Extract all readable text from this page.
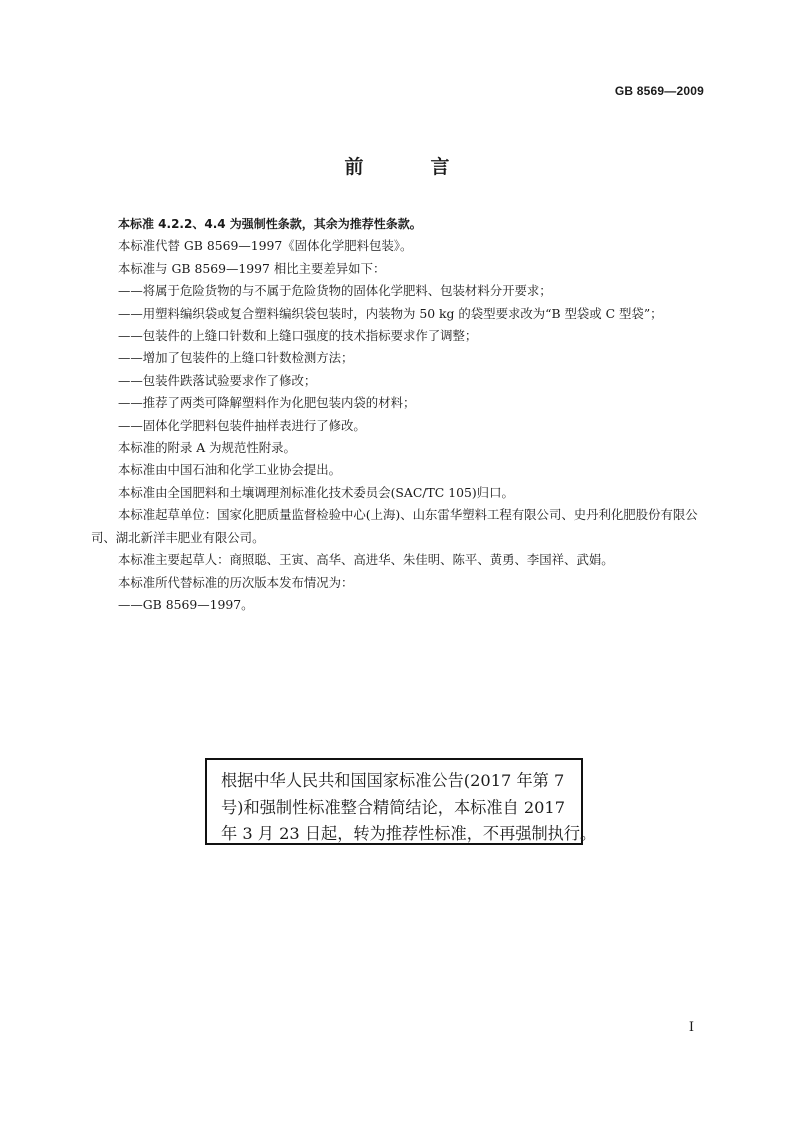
GB 8569—2009
前　言

本标准 4.2.2、4.4 为强制性条款，其余为推荐性条款。

本标准代替 GB 8569—1997《固体化学肥料包装》。

本标准与 GB 8569—1997 相比主要差异如下：

——将属于危险货物的与不属于危险货物的固体化学肥料、包装材料分开要求；

——用塑料编织袋或复合塑料编织袋包装时，内装物为 50 kg 的袋型要求改为“B 型袋或 C 型袋”；

——包装件的上缝口针数和上缝口强度的技术指标要求作了调整；

——增加了包装件的上缝口针数检测方法；

——包装件跌落试验要求作了修改；

——推荐了两类可降解塑料作为化肥包装内袋的材料；

——固体化学肥料包装件抽样表进行了修改。

本标准的附录 A 为规范性附录。

本标准由中国石油和化学工业协会提出。

本标准由全国肥料和土壤调理剂标准化技术委员会(SAC/TC 105)归口。

本标准起草单位：国家化肥质量监督检验中心(上海)、山东雷华塑料工程有限公司、史丹利化肥股份有限公司、湖北新洋丰肥业有限公司。

本标准主要起草人：商照聪、王寅、高华、高进华、朱佳明、陈平、黄勇、李国祥、武娟。

本标准所代替标准的历次版本发布情况为：

——GB 8569—1997。

根据中华人民共和国国家标准公告(2017 年第 7

号)和强制性标准整合精简结论，本标准自 2017

年 3 月 23 日起，转为推荐性标准，不再强制执行。

I
